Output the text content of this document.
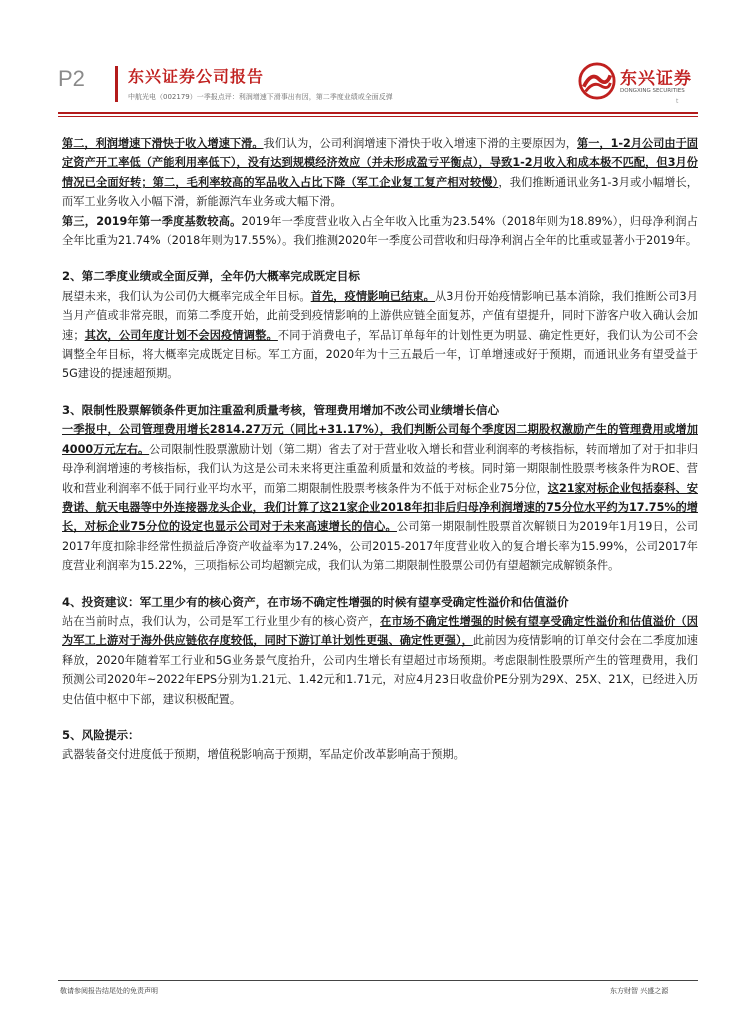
P2	东兴证券公司报告
中航光电（002179）一季报点评：利润增速下滑事出有因，第二季度业绩或全面反弹
东兴证券
DONGXING SECURITIES
t

第二，利润增速下滑快于收入增速下滑。我们认为，公司利润增速下滑快于收入增速下滑的主要原因为，第一，1-2月公司由于固定资产开工率低（产能利用率低下），没有达到规模经济效应（并未形成盈亏平衡点），导致1-2月收入和成本极不匹配，但3月份情况已全面好转；第二，毛利率较高的军品收入占比下降（军工企业复工复产相对较慢），我们推断通讯业务1-3月或小幅增长，而军工业务收入小幅下滑，新能源汽车业务或大幅下滑。

第三，2019年第一季度基数较高。2019年一季度营业收入占全年收入比重为23.54%（2018年则为18.89%），归母净利润占全年比重为21.74%（2018年则为17.55%）。我们推测2020年一季度公司营收和归母净利润占全年的比重或显著小于2019年。

2、第二季度业绩或全面反弹，全年仍大概率完成既定目标

展望未来，我们认为公司仍大概率完成全年目标。首先，疫情影响已结束。从3月份开始疫情影响已基本消除，我们推断公司3月当月产值或非常亮眼，而第二季度开始，此前受到疫情影响的上游供应链全面复苏，产值有望提升，同时下游客户收入确认会加速；其次，公司年度计划不会因疫情调整。不同于消费电子，军品订单每年的计划性更为明显、确定性更好，我们认为公司不会调整全年目标，将大概率完成既定目标。军工方面，2020年为十三五最后一年，订单增速或好于预期，而通讯业务有望受益于5G建设的提速超预期。

3、限制性股票解锁条件更加注重盈利质量考核，管理费用增加不改公司业绩增长信心

一季报中，公司管理费用增长2814.27万元（同比+31.17%），我们判断公司每个季度因二期股权激励产生的管理费用或增加4000万元左右。公司限制性股票激励计划（第二期）省去了对于营业收入增长和营业利润率的考核指标，转而增加了对于扣非归母净利润增速的考核指标，我们认为这是公司未来将更注重盈利质量和效益的考核。同时第一期限制性股票考核条件为ROE、营收和营业利润率不低于同行业平均水平，而第二期限制性股票考核条件为不低于对标企业75分位，这21家对标企业包括泰科、安费诺、航天电器等中外连接器龙头企业，我们计算了这21家企业2018年扣非后归母净利润增速的75分位水平约为17.75%的增长，对标企业75分位的设定也显示公司对于未来高速增长的信心。公司第一期限制性股票首次解锁日为2019年1月19日，公司2017年度扣除非经常性损益后净资产收益率为17.24%，公司2015-2017年度营业收入的复合增长率为15.99%，公司2017年度营业利润率为15.22%，三项指标公司均超额完成，我们认为第二期限制性股票公司仍有望超额完成解锁条件。

4、投资建议：军工里少有的核心资产，在市场不确定性增强的时候有望享受确定性溢价和估值溢价

站在当前时点，我们认为，公司是军工行业里少有的核心资产，在市场不确定性增强的时候有望享受确定性溢价和估值溢价（因为军工上游对于海外供应链依存度较低，同时下游订单计划性更强、确定性更强），此前因为疫情影响的订单交付会在二季度加速释放，2020年随着军工行业和5G业务景气度抬升，公司内生增长有望超过市场预期。考虑限制性股票所产生的管理费用，我们预测公司2020年~2022年EPS分别为1.21元、1.42元和1.71元，对应4月23日收盘价PE分别为29X、25X、21X，已经进入历史估值中枢中下部，建议积极配置。

5、风险提示：

武器装备交付进度低于预期，增值税影响高于预期，军品定价改革影响高于预期。

敬请参阅报告结尾处的免责声明	东方财智 兴盛之源
